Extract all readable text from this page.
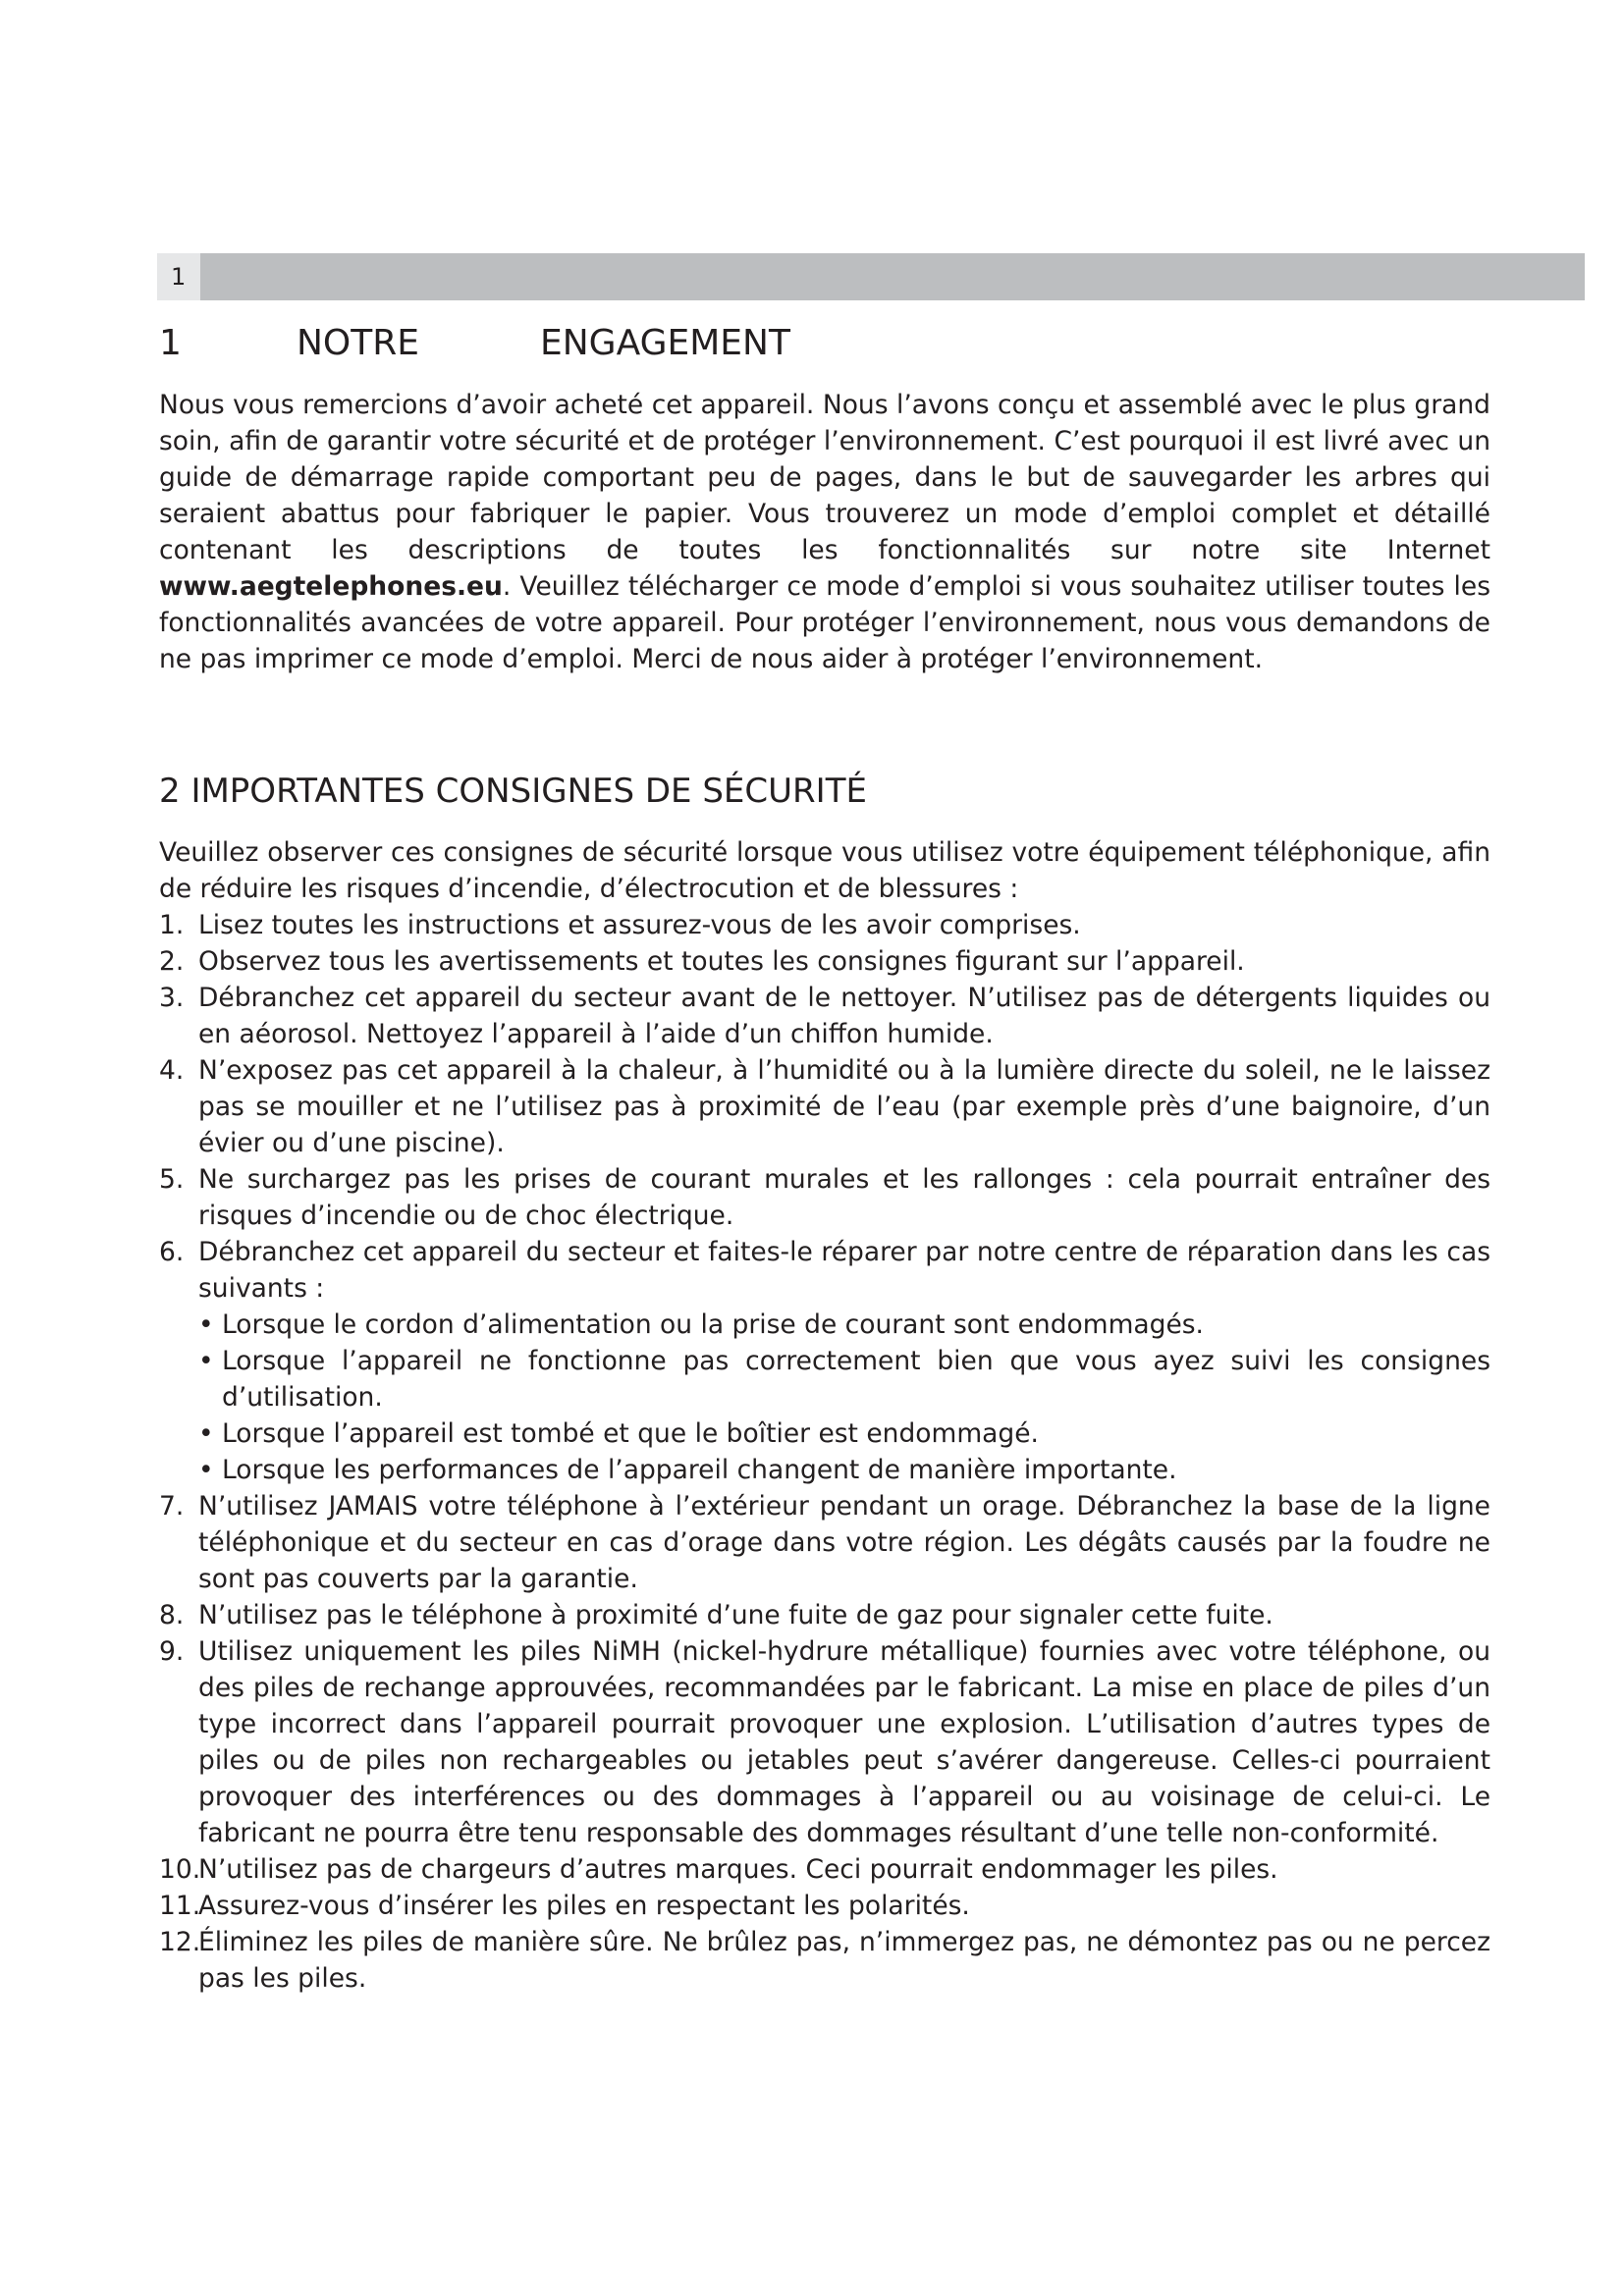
1
1	NOTRE	ENGAGEMENT

Nous vous remercions d’avoir acheté cet appareil. Nous l’avons conçu et assemblé avec le plus grand soin, afin de garantir votre sécurité et de protéger l’environnement. C’est pourquoi il est livré avec un guide de démarrage rapide comportant peu de pages, dans le but de sauvegarder les arbres qui seraient abattus pour fabriquer le papier. Vous trouverez un mode d’emploi complet et détaillé contenant les descriptions de toutes les fonctionnalités sur notre site Internet www.aegtelephones.eu. Veuillez télécharger ce mode d’emploi si vous souhaitez utiliser toutes les fonctionnalités avancées de votre appareil. Pour protéger l’environnement, nous vous demandons de ne pas imprimer ce mode d’emploi. Merci de nous aider à protéger l’environnement.

2 IMPORTANTES CONSIGNES DE SÉCURITÉ

Veuillez observer ces consignes de sécurité lorsque vous utilisez votre équipement téléphonique, afin de réduire les risques d’incendie, d’électrocution et de blessures :

1. Lisez toutes les instructions et assurez-vous de les avoir comprises.
2. Observez tous les avertissements et toutes les consignes figurant sur l’appareil.
3. Débranchez cet appareil du secteur avant de le nettoyer. N’utilisez pas de détergents liquides ou en aéorosol. Nettoyez l’appareil à l’aide d’un chiffon humide.
4. N’exposez pas cet appareil à la chaleur, à l’humidité ou à la lumière directe du soleil, ne le laissez pas se mouiller et ne l’utilisez pas à proximité de l’eau (par exemple près d’une baignoire, d’un évier ou d’une piscine).
5. Ne surchargez pas les prises de courant murales et les rallonges : cela pourrait entraîner des risques d’incendie ou de choc électrique.
6. Débranchez cet appareil du secteur et faites-le réparer par notre centre de réparation dans les cas suivants :
• Lorsque le cordon d’alimentation ou la prise de courant sont endommagés.
• Lorsque l’appareil ne fonctionne pas correctement bien que vous ayez suivi les consignes d’utilisation.
• Lorsque l’appareil est tombé et que le boîtier est endommagé.
• Lorsque les performances de l’appareil changent de manière importante.
7. N’utilisez JAMAIS votre téléphone à l’extérieur pendant un orage. Débranchez la base de la ligne téléphonique et du secteur en cas d’orage dans votre région. Les dégâts causés par la foudre ne sont pas couverts par la garantie.
8. N’utilisez pas le téléphone à proximité d’une fuite de gaz pour signaler cette fuite.
9. Utilisez uniquement les piles NiMH (nickel-hydrure métallique) fournies avec votre téléphone, ou des piles de rechange approuvées, recommandées par le fabricant. La mise en place de piles d’un type incorrect dans l’appareil pourrait provoquer une explosion. L’utilisation d’autres types de piles ou de piles non rechargeables ou jetables peut s’avérer dangereuse. Celles-ci pourraient provoquer des interférences ou des dommages à l’appareil ou au voisinage de celui-ci. Le fabricant ne pourra être tenu responsable des dommages résultant d’une telle non-conformité.
10.
N’utilisez pas de chargeurs d’autres marques. Ceci pourrait endommager les piles.
11.
Assurez-vous d’insérer les piles en respectant les polarités.
12.
Éliminez les piles de manière sûre. Ne brûlez pas, n’immergez pas, ne démontez pas ou ne percez pas les piles.
